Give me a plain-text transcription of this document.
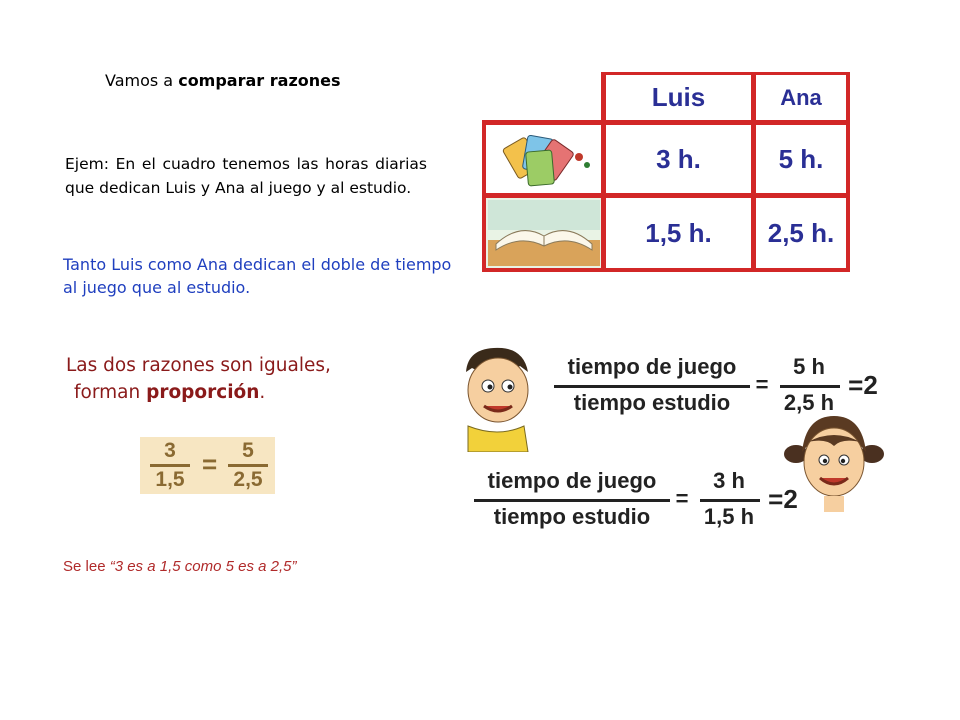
Vamos a comparar razones
Ejem: En el cuadro tenemos las horas diarias que dedican Luis y Ana al juego y al estudio.
Tanto Luis como Ana dedican el doble de tiempo al juego que al estudio.
Las dos razones son iguales,
forman proporción.
3
1,5
=	5
2,5
Se lee “3 es a 1,5 como 5 es a 2,5”
Luis	Ana
3 h.	5 h.
1,5 h.	2,5 h.
tiempo de juego
tiempo estudio
=
5 h
2,5 h
=2
tiempo de juego
tiempo estudio
=
3 h
1,5 h
=2
